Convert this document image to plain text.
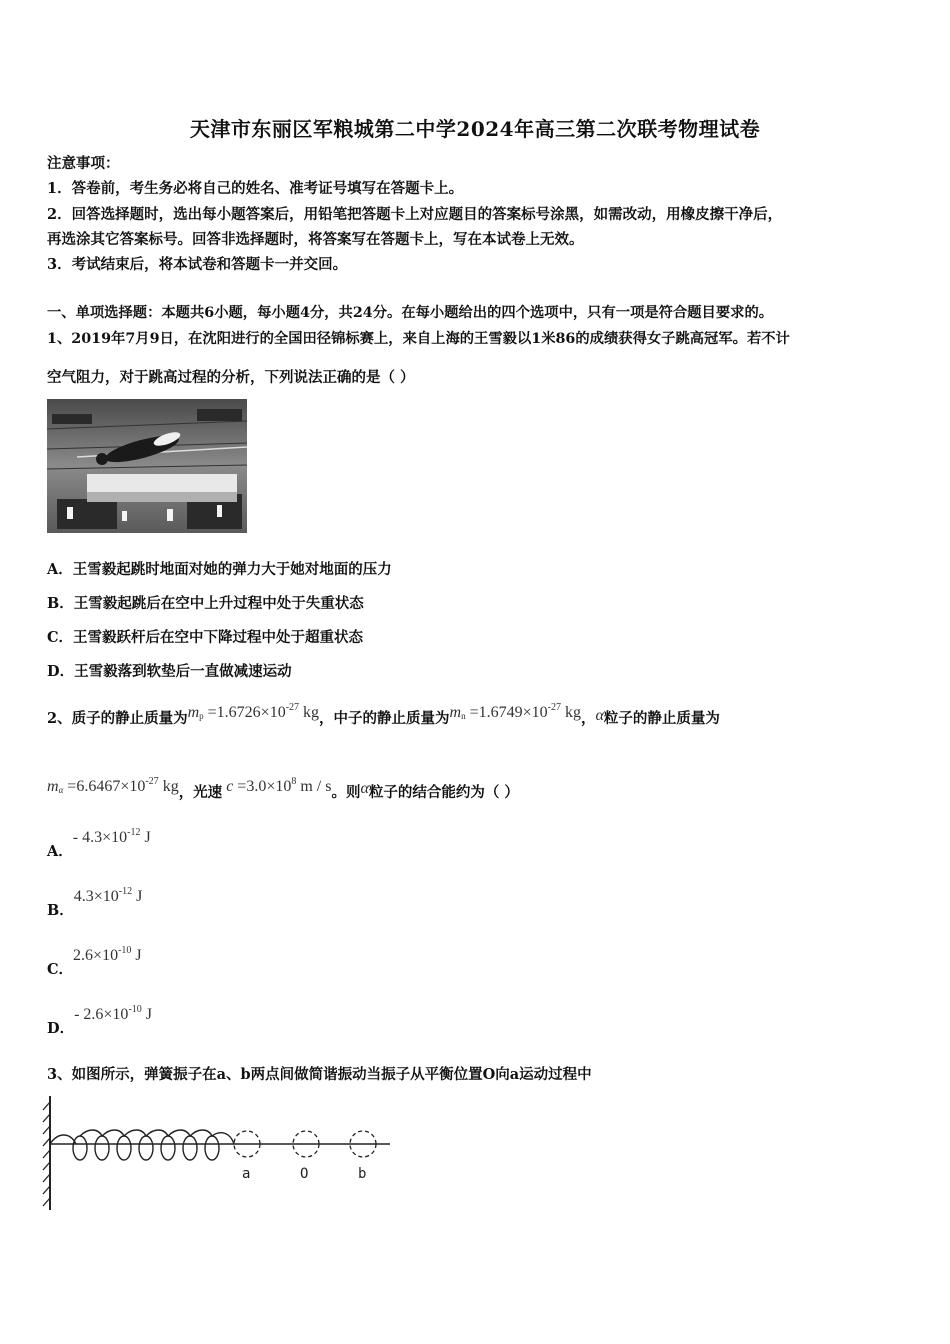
天津市东丽区军粮城第二中学2024年高三第二次联考物理试卷
注意事项：
1．答卷前，考生务必将自己的姓名、准考证号填写在答题卡上。
2．回答选择题时，选出每小题答案后，用铅笔把答题卡上对应题目的答案标号涂黑，如需改动，用橡皮擦干净后，
再选涂其它答案标号。回答非选择题时，将答案写在答题卡上，写在本试卷上无效。
3．考试结束后，将本试卷和答题卡一并交回。
一、单项选择题：本题共6小题，每小题4分，共24分。在每小题给出的四个选项中，只有一项是符合题目要求的。
1、2019年7月9日，在沈阳进行的全国田径锦标赛上，来自上海的王雪毅以1米86的成绩获得女子跳高冠军。若不计
空气阻力，对于跳高过程的分析，下列说法正确的是（ ）
A．王雪毅起跳时地面对她的弹力大于她对地面的压力
B．王雪毅起跳后在空中上升过程中处于失重状态
C．王雪毅跃杆后在空中下降过程中处于超重状态
D．王雪毅落到软垫后一直做减速运动
2、质子的静止质量为$m_p =1.6726\times 10^{-27}$ kg，中子的静止质量为$m_n =1.6749\times 10^{-27}$ kg，α粒子的静止质量为
$m_\alpha =6.6467\times 10^{-27}$ kg，光速 $c =3.0\times 10^8$ m / s。则α粒子的结合能约为（ ）
A．- $4.3\times 10^{-12}$ J
B．$4.3\times 10^{-12}$ J
C．$2.6\times 10^{-10}$ J
D．- $2.6\times 10^{-10}$ J
3、如图所示，弹簧振子在a、b两点间做简谐振动当振子从平衡位置O向a运动过程中
a	O	b
